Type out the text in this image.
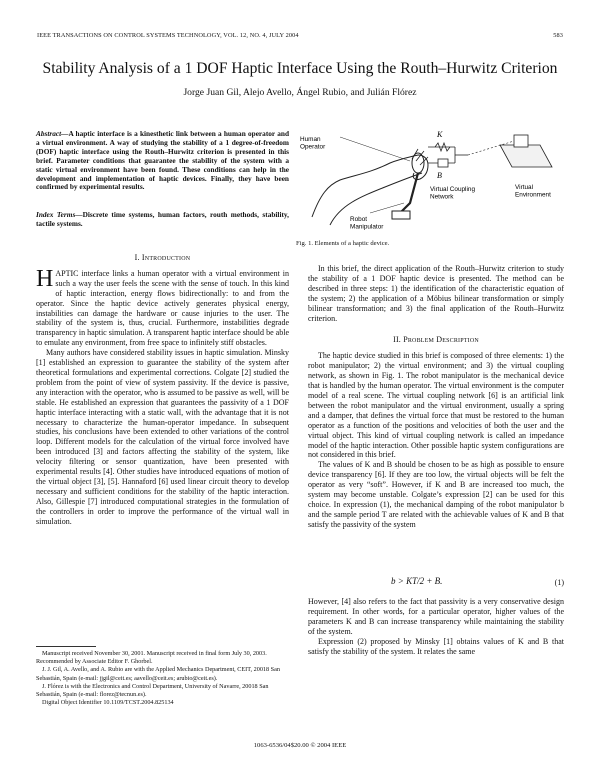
IEEE TRANSACTIONS ON CONTROL SYSTEMS TECHNOLOGY, VOL. 12, NO. 4, JULY 2004	583
Stability Analysis of a 1 DOF Haptic Interface Using the Routh–Hurwitz Criterion
Jorge Juan Gil, Alejo Avello, Ángel Rubio, and Julián Flórez
Abstract—A haptic interface is a kinesthetic link between a human operator and a virtual environment. A way of studying the stability of a 1 degree-of-freedom (DOF) haptic interface using the Routh–Hurwitz criterion is presented in this brief. Parameter conditions that guarantee the stability of the system with a static virtual environment have been found. These conditions can help in the development and implementation of haptic devices. Finally, they have been confirmed by experimental results.
Index Terms—Discrete time systems, human factors, routh methods, stability, tactile systems.
I. Introduction

HAPTIC interface links a human operator with a virtual environment in such a way the user feels the scene with the sense of touch. In this kind of haptic interaction, energy flows bidirectionally: to and from the operator. Since the haptic device actively generates physical energy, instabilities can damage the hardware or cause injuries to the user. The stability of the system is, thus, crucial. Furthermore, instabilities degrade transparency in haptic simulation. A transparent haptic interface should be able to emulate any environment, from free space to infinitely stiff obstacles.

Many authors have considered stability issues in haptic simulation. Minsky [1] established an expression to guarantee the stability of the system after theoretical formulations and experimental corrections. Colgate [2] studied the problem from the point of view of system passivity. If the device is passive, any interaction with the operator, who is assumed to be passive as well, will be stable. He established an expression that guarantees the passivity of a 1 DOF haptic interface interacting with a static wall, with the advantage that it is not necessary to characterize the human-operator impedance. In subsequent studies, his conclusions have been extended to other variations of the control loop. Different models for the calculation of the virtual force involved have been introduced [3] and factors affecting the stability of the system, like velocity filtering or sensor quantization, have been presented with experimental results [4]. Other studies have introduced equations of motion of the virtual object [3], [5]. Hannaford [6] used linear circuit theory to develop necessary and sufficient conditions for the stability of the haptic interaction. Also, Gillespie [7] introduced computational strategies in the formulation of the controllers in order to improve the performance of the virtual wall in simulation.

Manuscript received November 30, 2001. Manuscript received in final form July 30, 2003. Recommended by Associate Editor F. Ghorbel.

J. J. Gil, A. Avello, and A. Rubio are with the Applied Mechanics Department, CEIT, 20018 San Sebastián, Spain (e-mail: jjgil@ceit.es; aavello@ceit.es; arubio@ceit.es).

J. Flórez is with the Electronics and Control Department, University of Navarre, 20018 San Sebastián, Spain (e-mail: florez@tecnun.es).

Digital Object Identifier 10.1109/TCST.2004.825134

Human Operator
K
B
Virtual Coupling Network
Virtual Environment
Robot Manipulator
Fig. 1. Elements of a haptic device.

In this brief, the direct application of the Routh–Hurwitz criterion to study the stability of a 1 DOF haptic device is presented. The method can be described in three steps: 1) the identification of the characteristic equation of the system; 2) the application of a Möbius bilinear transformation or simply bilinear transformation; and 3) the final application of the Routh–Hurwitz criterion.

II. Problem Description

The haptic device studied in this brief is composed of three elements: 1) the robot manipulator; 2) the virtual environment; and 3) the virtual coupling network, as shown in Fig. 1. The robot manipulator is the mechanical device that is handled by the human operator. The virtual environment is the computer model of a real scene. The virtual coupling network [6] is an artificial link between the robot manipulator and the virtual environment, usually a spring and a damper, that defines the virtual force that must be restored to the human operator as a function of the positions and velocities of both the user and the virtual object. This kind of virtual coupling network is called an impedance model of the haptic interaction. Other possible haptic system configurations are not considered in this brief.

The values of K and B should be chosen to be as high as possible to ensure device transparency [6]. If they are too low, the virtual objects will be felt the operator as very “soft”. However, if K and B are increased too much, the system may become unstable. Colgate’s expression [2] can be used for this choice. In expression (1), the mechanical damping of the robot manipulator b and the sample period T are related with the achievable values of K and B that satisfy the passivity of the system

b > KT/2 + B.	(1)

However, [4] also refers to the fact that passivity is a very conservative design requirement. In other words, for a particular operator, higher values of the parameters K and B can increase transparency while maintaining the stability of the system.

Expression (2) proposed by Minsky [1] obtains values of K and B that satisfy the stability of the system. It relates the same

1063-6536/04$20.00 © 2004 IEEE
